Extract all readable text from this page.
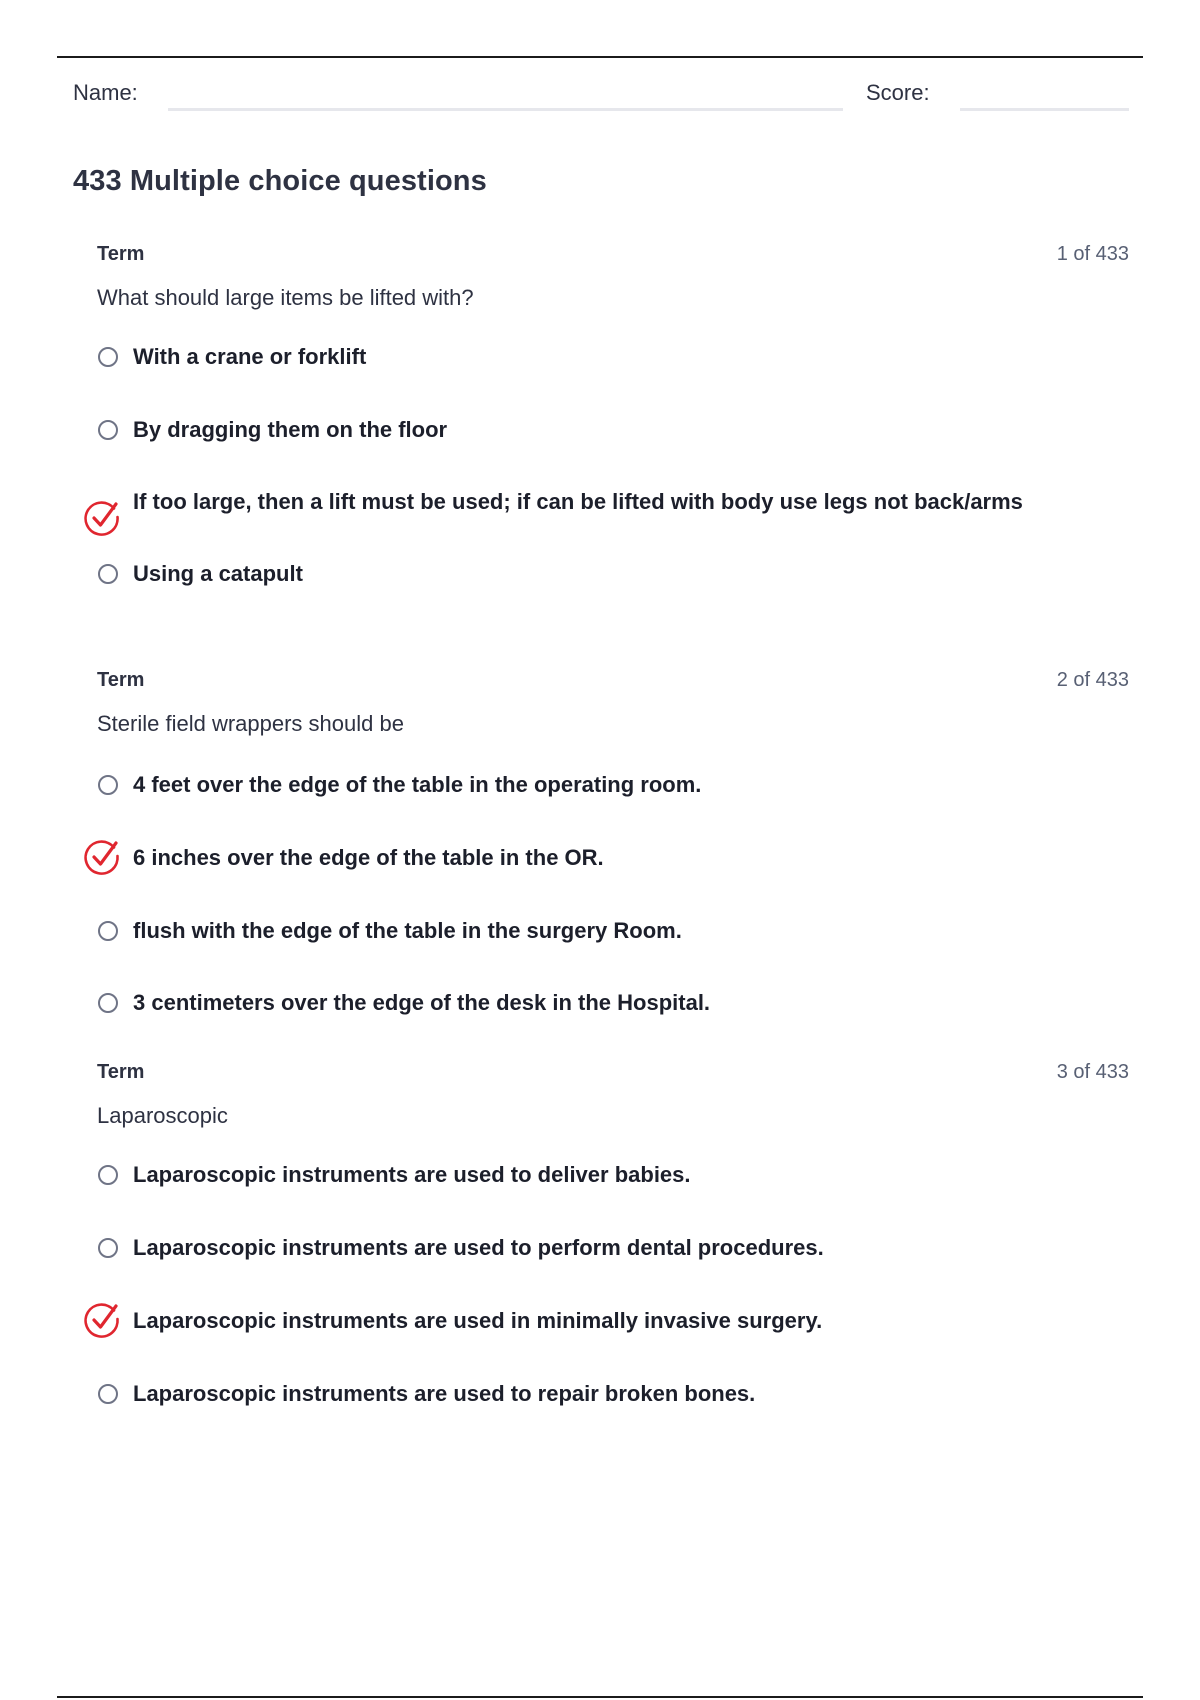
Name:	Score:
433 Multiple choice questions
Term	1 of 433
What should large items be lifted with?
With a crane or forklift
By dragging them on the floor
If too large, then a lift must be used; if can be lifted with body use legs not back/arms
Using a catapult
Term	2 of 433
Sterile field wrappers should be
4 feet over the edge of the table in the operating room.
6 inches over the edge of the table in the OR.
flush with the edge of the table in the surgery Room.
3 centimeters over the edge of the desk in the Hospital.
Term	3 of 433
Laparoscopic
Laparoscopic instruments are used to deliver babies.
Laparoscopic instruments are used to perform dental procedures.
Laparoscopic instruments are used in minimally invasive surgery.
Laparoscopic instruments are used to repair broken bones.
